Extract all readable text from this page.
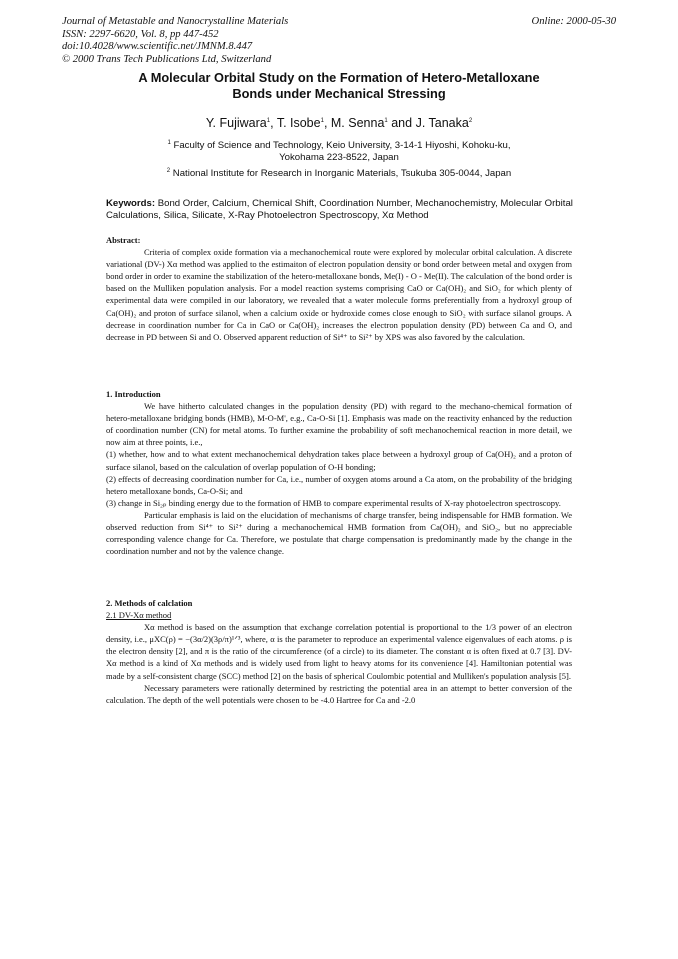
Journal of Metastable and Nanocrystalline Materials
ISSN: 2297-6620, Vol. 8, pp 447-452
doi:10.4028/www.scientific.net/JMNM.8.447
© 2000 Trans Tech Publications Ltd, Switzerland
Online: 2000-05-30
A Molecular Orbital Study on the Formation of Hetero-Metalloxane
Bonds under Mechanical Stressing
Y. Fujiwara$^1$, T. Isobe$^1$, M. Senna$^1$ and J. Tanaka$^2$
$^1$ Faculty of Science and Technology, Keio University, 3-14-1 Hiyoshi, Kohoku-ku,
Yokohama 223-8522, Japan
$^2$ National Institute for Research in Inorganic Materials, Tsukuba 305-0044, Japan
Keywords: Bond Order, Calcium, Chemical Shift, Coordination Number, Mechanochemistry, Molecular Orbital Calculations, Silica, Silicate, X-Ray Photoelectron Spectroscopy, Xα Method
Abstract:

Criteria of complex oxide formation via a mechanochemical route were explored by molecular orbital calculation. A discrete variational (DV-) Xα method was applied to the estimaiton of electron population density or bond order between metal and oxygen from bond order in order to examine the stabilization of the hetero-metalloxane bonds, Me(I) - O - Me(II). The calculation of the bond order is based on the Mulliken population analysis. For a model reaction systems comprising CaO or Ca(OH)₂ and SiO₂ for which plenty of experimental data were compiled in our laboratory, we revealed that a water molecule forms preferentially from a hydroxyl group of Ca(OH)₂ and proton of surface silanol, when a calcium oxide or hydroxide comes close enough to SiO₂ with surface silanol groups. A decrease in coordination number for Ca in CaO or Ca(OH)₂ increases the electron population density (PD) between Ca and O, and decrease in PD between Si and O. Observed apparent reduction of Si⁴⁺ to Si²⁺ by XPS was also favored by the calculation.

1. Introduction

We have hitherto calculated changes in the population density (PD) with regard to the mechano-chemical formation of hetero-metalloxane bridging bonds (HMB), M-O-M', e.g., Ca-O-Si [1]. Emphasis was made on the reactivity enhanced by the reduction of coordination number (CN) for metal atoms. To further examine the probability of soft mechanochemical reaction in more detail, we now aim at three points, i.e.,

(1) whether, how and to what extent mechanochemical dehydration takes place between a hydroxyl group of Ca(OH)₂ and a proton of surface silanol, based on the calculation of overlap population of O-H bonding;

(2) effects of decreasing coordination number for Ca, i.e., number of oxygen atoms around a Ca atom, on the probability of the bridging hetero metalloxane bonds, Ca-O-Si; and

(3) change in Si₂ₚ binding energy due to the formation of HMB to compare experimental results of X-ray photoelectron spectroscopy.

Particular emphasis is laid on the elucidation of mechanisms of charge transfer, being indispensable for HMB formation. We observed reduction from Si⁴⁺ to Si²⁺ during a mechanochemical HMB formation from Ca(OH)₂ and SiO₂, but no appreciable corresponding valence change for Ca. Therefore, we postulate that charge compensation is predominantly made by the change in the coordination number and not by the valence change.

2. Methods of calclation
2.1 DV-Xα method

Xα method is based on the assumption that exchange correlation potential is proportional to the 1/3 power of an electron density, i.e., μXC(ρ) = −(3α/2)(3ρ/π)¹ᐟ³, where, α is the parameter to reproduce an experimental valence eigenvalues of each atoms. ρ is the electron density [2], and π is the ratio of the circumference (of a circle) to its diameter. The constant α is often fixed at 0.7 [3]. DV-Xα method is a kind of Xα methods and is widely used from light to heavy atoms for its convenience [4]. Hamiltonian potential was made by a self-consistent charge (SCC) method [2] on the basis of spherical Coulombic potential and Mulliken's population analysis [5].

Necessary parameters were rationally determined by restricting the potential area in an attempt to better conversion of the calculation. The depth of the well potentials were chosen to be -4.0 Hartree for Ca and -2.0
